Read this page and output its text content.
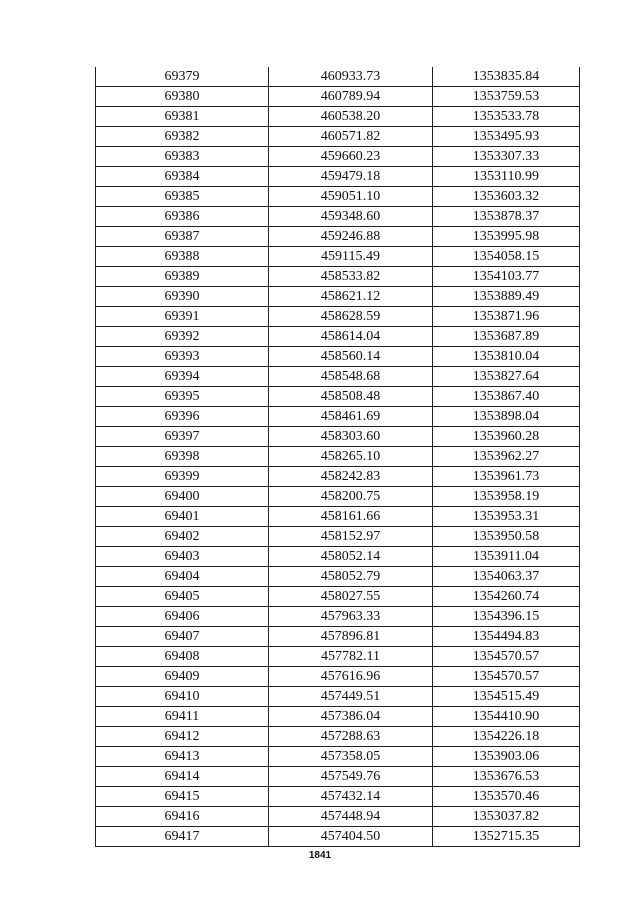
69379	460933.73	1353835.84
69380	460789.94	1353759.53
69381	460538.20	1353533.78
69382	460571.82	1353495.93
69383	459660.23	1353307.33
69384	459479.18	1353110.99
69385	459051.10	1353603.32
69386	459348.60	1353878.37
69387	459246.88	1353995.98
69388	459115.49	1354058.15
69389	458533.82	1354103.77
69390	458621.12	1353889.49
69391	458628.59	1353871.96
69392	458614.04	1353687.89
69393	458560.14	1353810.04
69394	458548.68	1353827.64
69395	458508.48	1353867.40
69396	458461.69	1353898.04
69397	458303.60	1353960.28
69398	458265.10	1353962.27
69399	458242.83	1353961.73
69400	458200.75	1353958.19
69401	458161.66	1353953.31
69402	458152.97	1353950.58
69403	458052.14	1353911.04
69404	458052.79	1354063.37
69405	458027.55	1354260.74
69406	457963.33	1354396.15
69407	457896.81	1354494.83
69408	457782.11	1354570.57
69409	457616.96	1354570.57
69410	457449.51	1354515.49
69411	457386.04	1354410.90
69412	457288.63	1354226.18
69413	457358.05	1353903.06
69414	457549.76	1353676.53
69415	457432.14	1353570.46
69416	457448.94	1353037.82
69417	457404.50	1352715.35
1841
